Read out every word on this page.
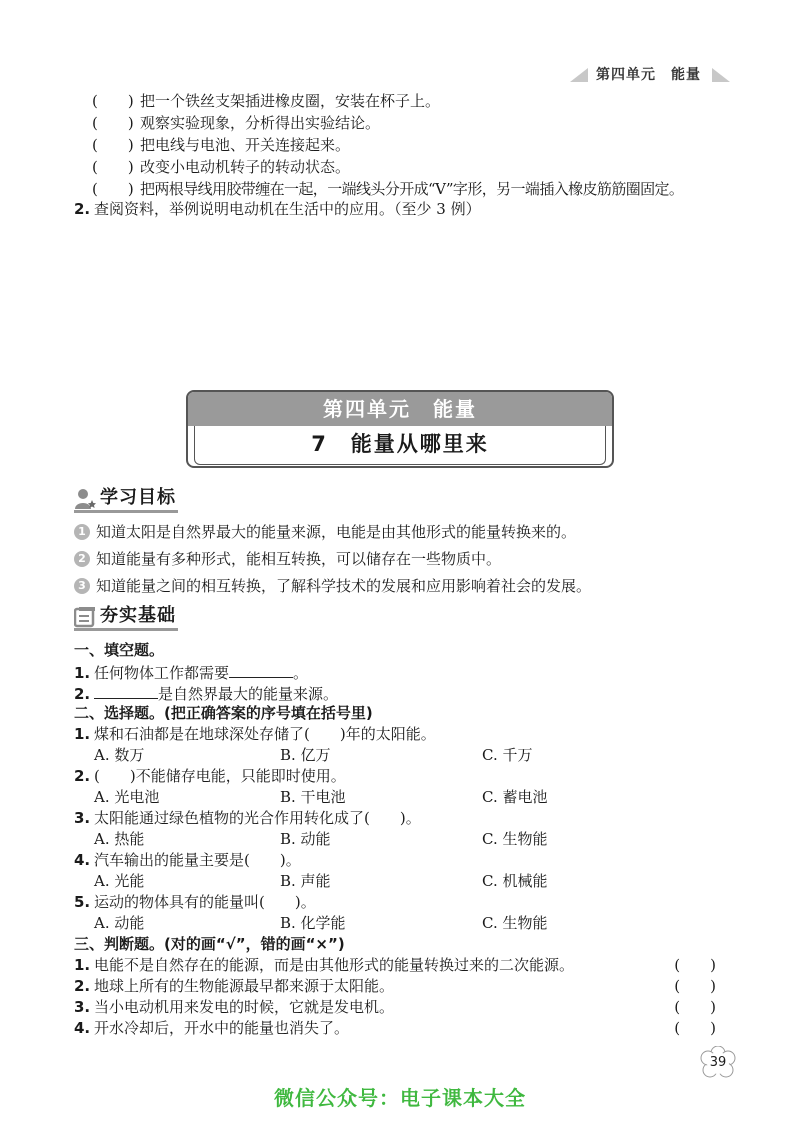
第四单元　 能量
(　　) 把一个铁丝支架插进橡皮圈，安装在杯子上。
(　　) 观察实验现象，分析得出实验结论。
(　　) 把电线与电池、开关连接起来。
(　　) 改变小电动机转子的转动状态。
(　　) 把两根导线用胶带缠在一起，一端线头分开成“V”字形，另一端插入橡皮筋筋圈固定。
2. 查阅资料，举例说明电动机在生活中的应用。（至少 3 例）
第四单元　能量
7　能量从哪里来
学习目标
1 知道太阳是自然界最大的能量来源，电能是由其他形式的能量转换来的。
2 知道能量有多种形式，能相互转换，可以储存在一些物质中。
3 知道能量之间的相互转换，了解科学技术的发展和应用影响着社会的发展。
夯实基础
一、填空题。
1. 任何物体工作都需要	。
2.	是自然界最大的能量来源。
二、选择题。(把正确答案的序号填在括号里)
1. 煤和石油都是在地球深处存储了(　　)年的太阳能。
A. 数万	B. 亿万	C. 千万
2. (　　)不能储存电能，只能即时使用。
A. 光电池	B. 干电池	C. 蓄电池
3. 太阳能通过绿色植物的光合作用转化成了(　　)。
A. 热能	B. 动能	C. 生物能
4. 汽车输出的能量主要是(　　)。
A. 光能	B. 声能	C. 机械能
5. 运动的物体具有的能量叫(　　)。
A. 动能	B. 化学能	C. 生物能
三、判断题。(对的画“√”，错的画“×”)
1. 电能不是自然存在的能源，而是由其他形式的能量转换过来的二次能源。	(　　)
2. 地球上所有的生物能源最早都来源于太阳能。	(　　)
3. 当小电动机用来发电的时候，它就是发电机。	(　　)
4. 开水冷却后，开水中的能量也消失了。	(　　)
39
微信公众号：电子课本大全
